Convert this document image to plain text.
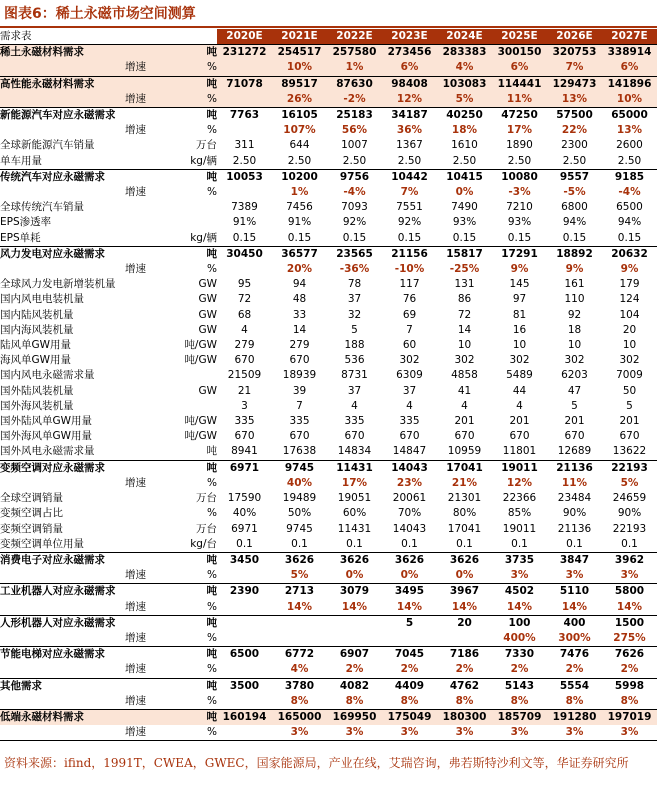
图表6：稀土永磁市场空间测算
需求表		2020E	2021E	2022E	2023E	2024E	2025E	2026E	2027E
稀土永磁材料需求	吨	231272	254517	257580	273456	283383	300150	320753	338914
增速	%		10%	1%	6%	4%	6%	7%	6%
高性能永磁材料需求	吨	71078	89517	87630	98408	103083	114441	129473	141896
增速	%		26%	-2%	12%	5%	11%	13%	10%
新能源汽车对应永磁需求	吨	7763	16105	25183	34187	40250	47250	57500	65000
增速	%		107%	56%	36%	18%	17%	22%	13%
全球新能源汽车销量	万台	311	644	1007	1367	1610	1890	2300	2600
单车用量	kg/辆	2.50	2.50	2.50	2.50	2.50	2.50	2.50	2.50
传统汽车对应永磁需求	吨	10053	10200	9756	10442	10415	10080	9557	9185
增速	%		1%	-4%	7%	0%	-3%	-5%	-4%
全球传统汽车销量		7389	7456	7093	7551	7490	7210	6800	6500
EPS渗透率		91%	91%	92%	92%	93%	93%	94%	94%
EPS单耗	kg/辆	0.15	0.15	0.15	0.15	0.15	0.15	0.15	0.15
风力发电对应永磁需求	吨	30450	36577	23565	21156	15817	17291	18892	20632
增速	%		20%	-36%	-10%	-25%	9%	9%	9%
全球风力发电新增装机量	GW	95	94	78	117	131	145	161	179
国内风电电装机量	GW	72	48	37	76	86	97	110	124
国内陆风装机量	GW	68	33	32	69	72	81	92	104
国内海风装机量	GW	4	14	5	7	14	16	18	20
陆风单GW用量	吨/GW	279	279	188	60	10	10	10	10
海风单GW用量	吨/GW	670	670	536	302	302	302	302	302
国内风电永磁需求量		21509	18939	8731	6309	4858	5489	6203	7009
国外陆风装机量	GW	21	39	37	37	41	44	47	50
国外海风装机量		3	7	4	4	4	4	5	5
国外陆风单GW用量	吨/GW	335	335	335	335	201	201	201	201
国外海风单GW用量	吨/GW	670	670	670	670	670	670	670	670
国外风电永磁需求量	吨	8941	17638	14834	14847	10959	11801	12689	13622
变频空调对应永磁需求	吨	6971	9745	11431	14043	17041	19011	21136	22193
增速	%		40%	17%	23%	21%	12%	11%	5%
全球空调销量	万台	17590	19489	19051	20061	21301	22366	23484	24659
变频空调占比	%	40%	50%	60%	70%	80%	85%	90%	90%
变频空调销量	万台	6971	9745	11431	14043	17041	19011	21136	22193
变频空调单位用量	kg/台	0.1	0.1	0.1	0.1	0.1	0.1	0.1	0.1
消费电子对应永磁需求	吨	3450	3626	3626	3626	3626	3735	3847	3962
增速	%		5%	0%	0%	0%	3%	3%	3%
工业机器人对应永磁需求	吨	2390	2713	3079	3495	3967	4502	5110	5800
增速	%		14%	14%	14%	14%	14%	14%	14%
人形机器人对应永磁需求	吨				5	20	100	400	1500
增速	%						400%	300%	275%
节能电梯对应永磁需求	吨	6500	6772	6907	7045	7186	7330	7476	7626
增速	%		4%	2%	2%	2%	2%	2%	2%
其他需求	吨	3500	3780	4082	4409	4762	5143	5554	5998
增速	%		8%	8%	8%	8%	8%	8%	8%
低端永磁材料需求	吨	160194	165000	169950	175049	180300	185709	191280	197019
增速	%		3%	3%	3%	3%	3%	3%	3%
资料来源：ifind，1991T，CWEA，GWEC，国家能源局，产业在线，艾瑞咨询，弗若斯特沙利文等，华证券研究所
